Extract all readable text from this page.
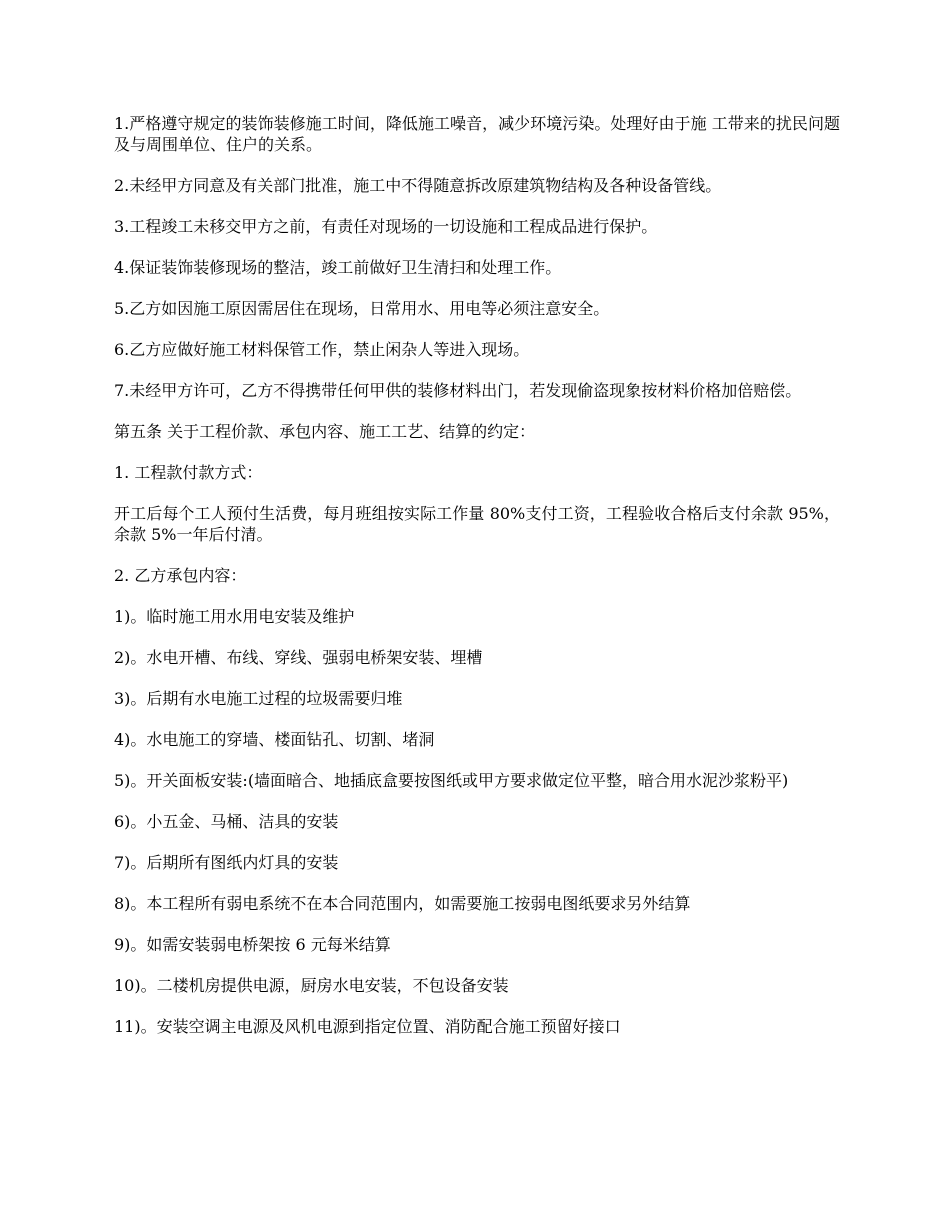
1.严格遵守规定的装饰装修施工时间，降低施工噪音，减少环境污染。处理好由于施 工带来的扰民问题及与周围单位、住户的关系。

2.未经甲方同意及有关部门批准，施工中不得随意拆改原建筑物结构及各种设备管线。

3.工程竣工未移交甲方之前，有责任对现场的一切设施和工程成品进行保护。

4.保证装饰装修现场的整洁，竣工前做好卫生清扫和处理工作。

5.乙方如因施工原因需居住在现场，日常用水、用电等必须注意安全。

6.乙方应做好施工材料保管工作，禁止闲杂人等进入现场。

7.未经甲方许可，乙方不得携带任何甲供的装修材料出门，若发现偷盗现象按材料价格加倍赔偿。

第五条 关于工程价款、承包内容、施工工艺、结算的约定：

1. 工程款付款方式：

开工后每个工人预付生活费，每月班组按实际工作量 80%支付工资，工程验收合格后支付余款 95%，余款 5%一年后付清。

2. 乙方承包内容：

1)。临时施工用水用电安装及维护

2)。水电开槽、布线、穿线、强弱电桥架安装、埋槽

3)。后期有水电施工过程的垃圾需要归堆

4)。水电施工的穿墙、楼面钻孔、切割、堵洞

5)。开关面板安装:(墙面暗合、地插底盒要按图纸或甲方要求做定位平整，暗合用水泥沙浆粉平)

6)。小五金、马桶、洁具的安装

7)。后期所有图纸内灯具的安装

8)。本工程所有弱电系统不在本合同范围内，如需要施工按弱电图纸要求另外结算

9)。如需安装弱电桥架按 6 元每米结算

10)。二楼机房提供电源，厨房水电安装，不包设备安装

11)。安装空调主电源及风机电源到指定位置、消防配合施工预留好接口
